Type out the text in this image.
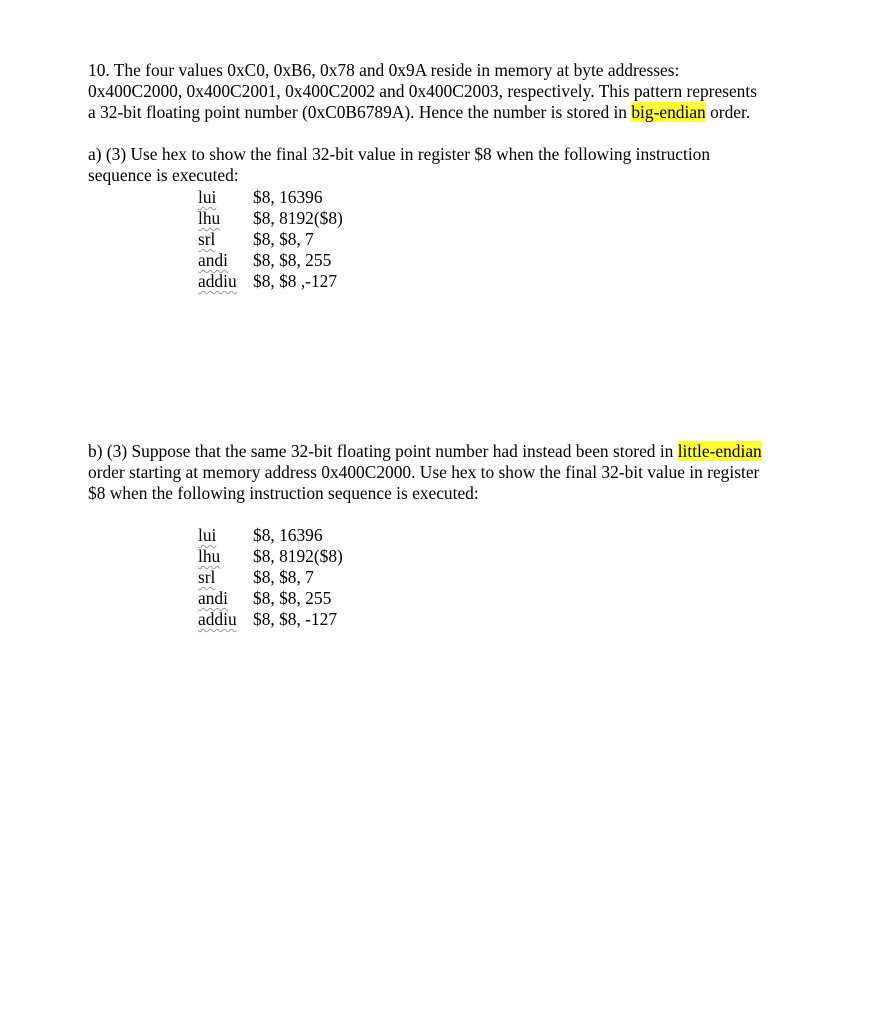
10. The four values 0xC0, 0xB6, 0x78 and 0x9A reside in memory at byte addresses:
0x400C2000, 0x400C2001, 0x400C2002 and 0x400C2003, respectively. This pattern represents
a 32-bit floating point number (0xC0B6789A). Hence the number is stored in big-endian order.
a) (3) Use hex to show the final 32-bit value in register $8 when the following instruction
sequence is executed:
lui $8, 16396
lhu $8, 8192($8)
srl $8, $8, 7
andi $8, $8, 255
addiu $8, $8 ,-127
b) (3) Suppose that the same 32-bit floating point number had instead been stored in little-endian
order starting at memory address 0x400C2000. Use hex to show the final 32-bit value in register
$8 when the following instruction sequence is executed:
lui $8, 16396
lhu $8, 8192($8)
srl $8, $8, 7
andi $8, $8, 255
addiu $8, $8, -127
